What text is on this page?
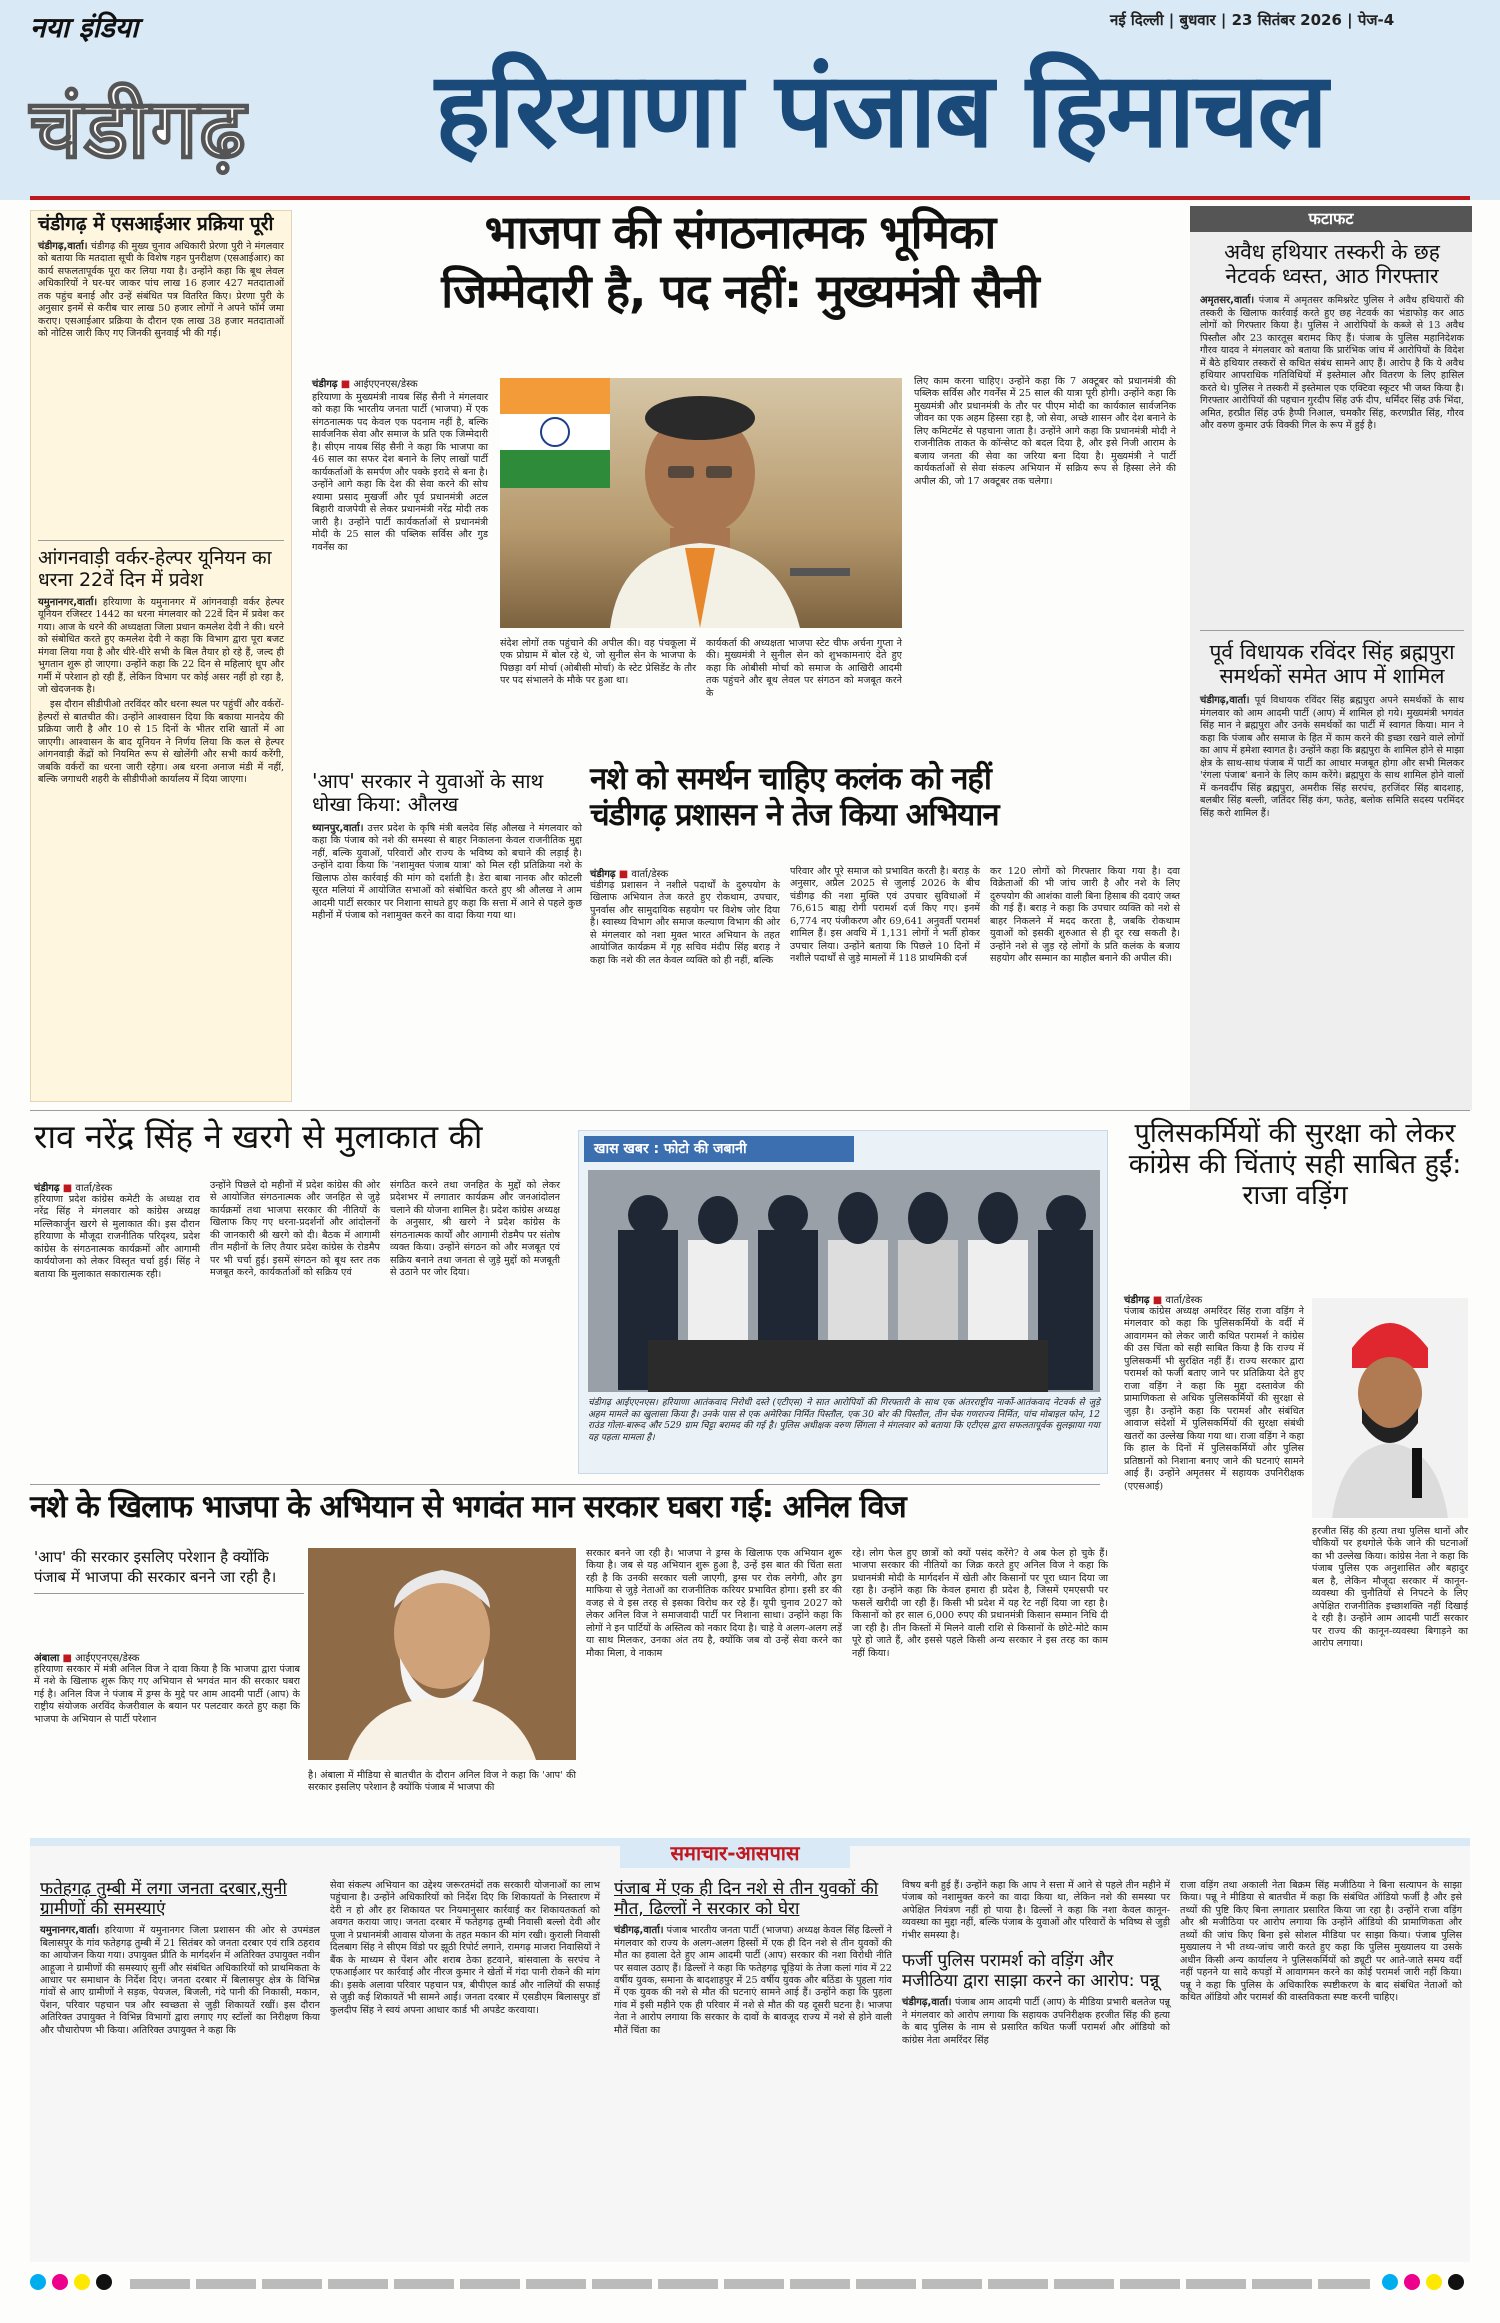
नया इंडिया
चंडीगढ़
नई दिल्ली | बुधवार | 23 सितंबर 2026 | पेज-4
हरियाणा पंजाब हिमाचल
चंडीगढ़ में एसआईआर प्रक्रिया पूरी

चंडीगढ़,वार्ता। चंडीगढ़ की मुख्य चुनाव अधिकारी प्रेरणा पुरी ने मंगलवार को बताया कि मतदाता सूची के विशेष गहन पुनरीक्षण (एसआईआर) का कार्य सफलतापूर्वक पूरा कर लिया गया है। उन्होंने कहा कि बूथ लेवल अधिकारियों ने घर-घर जाकर पांच लाख 16 हजार 427 मतदाताओं तक पहुंच बनाई और उन्हें संबंधित पत्र वितरित किए। प्रेरणा पुरी के अनुसार इनमें से करीब चार लाख 50 हजार लोगों ने अपने फॉर्म जमा कराए। एसआईआर प्रक्रिया के दौरान एक लाख 38 हजार मतदाताओं को नोटिस जारी किए गए जिनकी सुनवाई भी की गई।

आंगनवाड़ी वर्कर-हेल्पर यूनियन का धरना 22वें दिन में प्रवेश

यमुनानगर,वार्ता। हरियाणा के यमुनानगर में आंगनवाड़ी वर्कर हेल्पर यूनियन रजिस्टर 1442 का धरना मंगलवार को 22वें दिन में प्रवेश कर गया। आज के धरने की अध्यक्षता जिला प्रधान कमलेश देवी ने की। धरने को संबोधित करते हुए कमलेश देवी ने कहा कि विभाग द्वारा पूरा बजट मंगवा लिया गया है और धीरे-धीरे सभी के बिल तैयार हो रहे हैं, जल्द ही भुगतान शुरू हो जाएगा। उन्होंने कहा कि 22 दिन से महिलाएं धूप और गर्मी में परेशान हो रही हैं, लेकिन विभाग पर कोई असर नहीं हो रहा है, जो खेदजनक है।

इस दौरान सीडीपीओ तरविंदर कौर धरना स्थल पर पहुंचीं और वर्करों-हेल्परों से बातचीत की। उन्होंने आश्वासन दिया कि बकाया मानदेय की प्रक्रिया जारी है और 10 से 15 दिनों के भीतर राशि खातों में आ जाएगी। आश्वासन के बाद यूनियन ने निर्णय लिया कि कल से हेल्पर आंगनवाड़ी केंद्रों को नियमित रूप से खोलेंगी और सभी कार्य करेंगी, जबकि वर्करों का धरना जारी रहेगा। अब धरना अनाज मंडी में नहीं, बल्कि जगाधरी शहरी के सीडीपीओ कार्यालय में दिया जाएगा।

भाजपा की संगठनात्मक भूमिका
जिम्मेदारी है, पद नहीं: मुख्यमंत्री सैनी
चंडीगढ़ ■ आईएएनएस/डेस्क

हरियाणा के मुख्यमंत्री नायब सिंह सैनी ने मंगलवार को कहा कि भारतीय जनता पार्टी (भाजपा) में एक संगठनात्मक पद केवल एक पदनाम नहीं है, बल्कि सार्वजनिक सेवा और समाज के प्रति एक जिम्मेदारी है। सीएम नायब सिंह सैनी ने कहा कि भाजपा का 46 साल का सफर देश बनाने के लिए लाखों पार्टी कार्यकर्ताओं के समर्पण और पक्के इरादे से बना है। उन्होंने आगे कहा कि देश की सेवा करने की सोच श्यामा प्रसाद मुखर्जी और पूर्व प्रधानमंत्री अटल बिहारी वाजपेयी से लेकर प्रधानमंत्री नरेंद्र मोदी तक जारी है। उन्होंने पार्टी कार्यकर्ताओं से प्रधानमंत्री मोदी के 25 साल की पब्लिक सर्विस और गुड गवर्नेंस का

संदेश लोगों तक पहुंचाने की अपील की। वह पंचकूला में एक प्रोग्राम में बोल रहे थे, जो सुनील सेन के भाजपा के पिछड़ा वर्ग मोर्चा (ओबीसी मोर्चा) के स्टेट प्रेसिडेंट के तौर पर पद संभालने के मौके पर हुआ था।

कार्यकर्ता की अध्यक्षता भाजपा स्टेट चीफ अर्चना गुप्ता ने की। मुख्यमंत्री ने सुनील सेन को शुभकामनाएं देते हुए कहा कि ओबीसी मोर्चा को समाज के आखिरी आदमी तक पहुंचने और बूथ लेवल पर संगठन को मजबूत करने के

लिए काम करना चाहिए। उन्होंने कहा कि 7 अक्टूबर को प्रधानमंत्री की पब्लिक सर्विस और गवर्नेंस में 25 साल की यात्रा पूरी होगी। उन्होंने कहा कि मुख्यमंत्री और प्रधानमंत्री के तौर पर पीएम मोदी का कार्यकाल सार्वजनिक जीवन का एक अहम हिस्सा रहा है, जो सेवा, अच्छे शासन और देश बनाने के लिए कमिटमेंट से पहचाना जाता है। उन्होंने आगे कहा कि प्रधानमंत्री मोदी ने राजनीतिक ताकत के कॉन्सेप्ट को बदल दिया है, और इसे निजी आराम के बजाय जनता की सेवा का जरिया बना दिया है। मुख्यमंत्री ने पार्टी कार्यकर्ताओं से सेवा संकल्प अभियान में सक्रिय रूप से हिस्सा लेने की अपील की, जो 17 अक्टूबर तक चलेगा।

'आप' सरकार ने युवाओं के साथ धोखा किया: औलख

ध्यानपुर,वार्ता। उत्तर प्रदेश के कृषि मंत्री बलदेव सिंह औलख ने मंगलवार को कहा कि पंजाब को नशे की समस्या से बाहर निकालना केवल राजनीतिक मुद्दा नहीं, बल्कि युवाओं, परिवारों और राज्य के भविष्य को बचाने की लड़ाई है। उन्होंने दावा किया कि 'नशामुक्त पंजाब यात्रा' को मिल रही प्रतिक्रिया नशे के खिलाफ ठोस कार्रवाई की मांग को दर्शाती है। डेरा बाबा नानक और कोटली सूरत मलियां में आयोजित सभाओं को संबोधित करते हुए श्री औलख ने आम आदमी पार्टी सरकार पर निशाना साधते हुए कहा कि सत्ता में आने से पहले कुछ महीनों में पंजाब को नशामुक्त करने का वादा किया गया था।

नशे को समर्थन चाहिए कलंक को नहीं
चंडीगढ़ प्रशासन ने तेज किया अभियान
चंडीगढ़ ■ वार्ता/डेस्क

चंडीगढ़ प्रशासन ने नशीले पदार्थों के दुरुपयोग के खिलाफ अभियान तेज करते हुए रोकथाम, उपचार, पुनर्वास और सामुदायिक सहयोग पर विशेष जोर दिया है। स्वास्थ्य विभाग और समाज कल्याण विभाग की ओर से मंगलवार को नशा मुक्त भारत अभियान के तहत आयोजित कार्यक्रम में गृह सचिव मंदीप सिंह बराड़ ने कहा कि नशे की लत केवल व्यक्ति को ही नहीं, बल्कि

परिवार और पूरे समाज को प्रभावित करती है। बराड़ के अनुसार, अप्रैल 2025 से जुलाई 2026 के बीच चंडीगढ़ की नशा मुक्ति एवं उपचार सुविधाओं में 76,615 बाह्य रोगी परामर्श दर्ज किए गए। इनमें 6,774 नए पंजीकरण और 69,641 अनुवर्ती परामर्श शामिल हैं। इस अवधि में 1,131 लोगों ने भर्ती होकर उपचार लिया। उन्होंने बताया कि पिछले 10 दिनों में नशीले पदार्थों से जुड़े मामलों में 118 प्राथमिकी दर्ज

कर 120 लोगों को गिरफ्तार किया गया है। दवा विक्रेताओं की भी जांच जारी है और नशे के लिए दुरुपयोग की आशंका वाली बिना हिसाब की दवाएं जब्त की गई हैं। बराड़ ने कहा कि उपचार व्यक्ति को नशे से बाहर निकलने में मदद करता है, जबकि रोकथाम युवाओं को इसकी शुरुआत से ही दूर रख सकती है। उन्होंने नशे से जुड़ रहे लोगों के प्रति कलंक के बजाय सहयोग और सम्मान का माहौल बनाने की अपील की।

फटाफट
अवैध हथियार तस्करी के छह नेटवर्क ध्वस्त, आठ गिरफ्तार

अमृतसर,वार्ता। पंजाब में अमृतसर कमिश्नरेट पुलिस ने अवैध हथियारों की तस्करी के खिलाफ कार्रवाई करते हुए छह नेटवर्क का भंडाफोड़ कर आठ लोगों को गिरफ्तार किया है। पुलिस ने आरोपियों के कब्जे से 13 अवैध पिस्तौल और 23 कारतूस बरामद किए हैं। पंजाब के पुलिस महानिदेशक गौरव यादव ने मंगलवार को बताया कि प्रारंभिक जांच में आरोपियों के विदेश में बैठे हथियार तस्करों से कथित संबंध सामने आए हैं। आरोप है कि ये अवैध हथियार आपराधिक गतिविधियों में इस्तेमाल और वितरण के लिए हासिल करते थे। पुलिस ने तस्करी में इस्तेमाल एक एक्टिवा स्कूटर भी जब्त किया है। गिरफ्तार आरोपियों की पहचान गुरदीप सिंह उर्फ दीप, धर्मिंदर सिंह उर्फ भिंदा, अमित, हरप्रीत सिंह उर्फ हैप्पी निआल, चमकौर सिंह, करणप्रीत सिंह, गौरव और वरुण कुमार उर्फ विक्की गिल के रूप में हुई है।

पूर्व विधायक रविंदर सिंह ब्रह्मपुरा समर्थकों समेत आप में शामिल

चंडीगढ़,वार्ता। पूर्व विधायक रविंदर सिंह ब्रह्मपुरा अपने समर्थकों के साथ मंगलवार को आम आदमी पार्टी (आप) में शामिल हो गये। मुख्यमंत्री भगवंत सिंह मान ने ब्रह्मपुरा और उनके समर्थकों का पार्टी में स्वागत किया। मान ने कहा कि पंजाब और समाज के हित में काम करने की इच्छा रखने वाले लोगों का आप में हमेशा स्वागत है। उन्होंने कहा कि ब्रह्मपुरा के शामिल होने से माझा क्षेत्र के साथ-साथ पंजाब में पार्टी का आधार मजबूत होगा और सभी मिलकर 'रंगला पंजाब' बनाने के लिए काम करेंगे। ब्रह्मपुरा के साथ शामिल होने वालों में कनवर्दीप सिंह ब्रह्मपुरा, अमरीक सिंह सरपंच, हरजिंदर सिंह बादशाह, बलबीर सिंह बल्ली, जतिंदर सिंह कंग, फतेह, बलोक समिति सदस्य परमिंदर सिंह करो शामिल हैं।

राव नरेंद्र सिंह ने खरगे से मुलाकात की
चंडीगढ़ ■ वार्ता/डेस्क

हरियाणा प्रदेश कांग्रेस कमेटी के अध्यक्ष राव नरेंद्र सिंह ने मंगलवार को कांग्रेस अध्यक्ष मल्लिकार्जुन खरगे से मुलाकात की। इस दौरान हरियाणा के मौजूदा राजनीतिक परिदृश्य, प्रदेश कांग्रेस के संगठनात्मक कार्यक्रमों और आगामी कार्ययोजना को लेकर विस्तृत चर्चा हुई। सिंह ने बताया कि मुलाकात सकारात्मक रही।

उन्होंने पिछले दो महीनों में प्रदेश कांग्रेस की ओर से आयोजित संगठनात्मक और जनहित से जुड़े कार्यक्रमों तथा भाजपा सरकार की नीतियों के खिलाफ किए गए धरना-प्रदर्शनों और आंदोलनों की जानकारी श्री खरगे को दी। बैठक में आगामी तीन महीनों के लिए तैयार प्रदेश कांग्रेस के रोडमैप पर भी चर्चा हुई। इसमें संगठन को बूथ स्तर तक मजबूत करने, कार्यकर्ताओं को सक्रिय एवं

संगठित करने तथा जनहित के मुद्दों को लेकर प्रदेशभर में लगातार कार्यक्रम और जनआंदोलन चलाने की योजना शामिल है। प्रदेश कांग्रेस अध्यक्ष के अनुसार, श्री खरगे ने प्रदेश कांग्रेस के संगठनात्मक कार्यों और आगामी रोडमैप पर संतोष व्यक्त किया। उन्होंने संगठन को और मजबूत एवं सक्रिय बनाने तथा जनता से जुड़े मुद्दों को मजबूती से उठाने पर जोर दिया।

खास खबर : फोटो की जबानी

चंडीगढ़ आईएएनएस। हरियाणा आतंकवाद निरोधी दस्ते (एटीएस) ने सात आरोपियों की गिरफ्तारी के साथ एक अंतरराष्ट्रीय नार्को-आतंकवाद नेटवर्क से जुड़े अहम मामले का खुलासा किया है। उनके पास से एक अमेरिका निर्मित पिस्तौल, एक 30 बोर की पिस्तौल, तीन चेक गणराज्य निर्मित, पांच मोबाइल फोन, 12 राउंड गोला-बारूद और 529 ग्राम चिट्टा बरामद की गई है। पुलिस अधीक्षक वरुण सिंगला ने मंगलवार को बताया कि एटीएस द्वारा सफलतापूर्वक सुलझाया गया यह पहला मामला है।

पुलिसकर्मियों की सुरक्षा को लेकर कांग्रेस की चिंताएं सही साबित हुईं: राजा वड़िंग
चंडीगढ़ ■ वार्ता/डेस्क

पंजाब कांग्रेस अध्यक्ष अमरिंदर सिंह राजा वड़िंग ने मंगलवार को कहा कि पुलिसकर्मियों के वर्दी में आवागमन को लेकर जारी कथित परामर्श ने कांग्रेस की उस चिंता को सही साबित किया है कि राज्य में पुलिसकर्मी भी सुरक्षित नहीं हैं। राज्य सरकार द्वारा परामर्श को फर्जी बताए जाने पर प्रतिक्रिया देते हुए राजा वड़िंग ने कहा कि मुद्दा दस्तावेज की प्रामाणिकता से अधिक पुलिसकर्मियों की सुरक्षा से जुड़ा है। उन्होंने कहा कि परामर्श और संबंधित आवाज संदेशों में पुलिसकर्मियों की सुरक्षा संबंधी खतरों का उल्लेख किया गया था। राजा वड़िंग ने कहा कि हाल के दिनों में पुलिसकर्मियों और पुलिस प्रतिष्ठानों को निशाना बनाए जाने की घटनाएं सामने आई हैं। उन्होंने अमृतसर में सहायक उपनिरीक्षक (एएसआई)

हरजीत सिंह की हत्या तथा पुलिस थानों और चौकियों पर हथगोले फेंके जाने की घटनाओं का भी उल्लेख किया। कांग्रेस नेता ने कहा कि पंजाब पुलिस एक अनुशासित और बहादुर बल है, लेकिन मौजूदा सरकार में कानून-व्यवस्था की चुनौतियों से निपटने के लिए अपेक्षित राजनीतिक इच्छाशक्ति नहीं दिखाई दे रही है। उन्होंने आम आदमी पार्टी सरकार पर राज्य की कानून-व्यवस्था बिगाड़ने का आरोप लगाया।

नशे के खिलाफ भाजपा के अभियान से भगवंत मान सरकार घबरा गई: अनिल विज
'आप' की सरकार इसलिए परेशान है क्योंकि पंजाब में भाजपा की सरकार बनने जा रही है।
अंबाला ■ आईएएनएस/डेस्क

हरियाणा सरकार में मंत्री अनिल विज ने दावा किया है कि भाजपा द्वारा पंजाब में नशे के खिलाफ शुरू किए गए अभियान से भगवंत मान की सरकार घबरा गई है। अनिल विज ने पंजाब में ड्रग्स के मुद्दे पर आम आदमी पार्टी (आप) के राष्ट्रीय संयोजक अरविंद केजरीवाल के बयान पर पलटवार करते हुए कहा कि भाजपा के अभियान से पार्टी परेशान

है। अंबाला में मीडिया से बातचीत के दौरान अनिल विज ने कहा कि 'आप' की सरकार इसलिए परेशान है क्योंकि पंजाब में भाजपा की

सरकार बनने जा रही है। भाजपा ने ड्रग्स के खिलाफ एक अभियान शुरू किया है। जब से यह अभियान शुरू हुआ है, उन्हें इस बात की चिंता सता रही है कि उनकी सरकार चली जाएगी, ड्रग्स पर रोक लगेगी, और ड्रग माफिया से जुड़े नेताओं का राजनीतिक करियर प्रभावित होगा। इसी डर की वजह से वे इस तरह से इसका विरोध कर रहे हैं। यूपी चुनाव 2027 को लेकर अनिल विज ने समाजवादी पार्टी पर निशाना साधा। उन्होंने कहा कि लोगों ने इन पार्टियों के अस्तित्व को नकार दिया है। चाहे वे अलग-अलग लड़ें या साथ मिलकर, उनका अंत तय है, क्योंकि जब वो उन्हें सेवा करने का मौका मिला, वे नाकाम

रहे। लोग फेल हुए छात्रों को क्यों पसंद करेंगे? वे अब फेल हो चुके हैं। भाजपा सरकार की नीतियों का जिक्र करते हुए अनिल विज ने कहा कि प्रधानमंत्री मोदी के मार्गदर्शन में खेती और किसानों पर पूरा ध्यान दिया जा रहा है। उन्होंने कहा कि केवल हमारा ही प्रदेश है, जिसमें एमएसपी पर फसलें खरीदी जा रही हैं। किसी भी प्रदेश में यह रेट नहीं दिया जा रहा है। किसानों को हर साल 6,000 रुपए की प्रधानमंत्री किसान सम्मान निधि दी जा रही है। तीन किस्तों में मिलने वाली राशि से किसानों के छोटे-मोटे काम पूरे हो जाते हैं, और इससे पहले किसी अन्य सरकार ने इस तरह का काम नहीं किया।

समाचार-आसपास
फतेहगढ़ तुम्बी में लगा जनता दरबार,सुनी ग्रामीणों की समस्याएं

यमुनानगर,वार्ता। हरियाणा में यमुनानगर जिला प्रशासन की ओर से उपमंडल बिलासपुर के गांव फतेहगढ़ तुम्बी में 21 सितंबर को जनता दरबार एवं रात्रि ठहराव का आयोजन किया गया। उपायुक्त प्रीति के मार्गदर्शन में अतिरिक्त उपायुक्त नवीन आहूजा ने ग्रामीणों की समस्याएं सुनीं और संबंधित अधिकारियों को प्राथमिकता के आधार पर समाधान के निर्देश दिए। जनता दरबार में बिलासपुर क्षेत्र के विभिन्न गांवों से आए ग्रामीणों ने सड़क, पेयजल, बिजली, गंदे पानी की निकासी, मकान, पेंशन, परिवार पहचान पत्र और स्वच्छता से जुड़ी शिकायतें रखीं। इस दौरान अतिरिक्त उपायुक्त ने विभिन्न विभागों द्वारा लगाए गए स्टॉलों का निरीक्षण किया और पौधारोपण भी किया। अतिरिक्त उपायुक्त ने कहा कि

सेवा संकल्प अभियान का उद्देश्य जरूरतमंदों तक सरकारी योजनाओं का लाभ पहुंचाना है। उन्होंने अधिकारियों को निर्देश दिए कि शिकायतों के निस्तारण में देरी न हो और हर शिकायत पर नियमानुसार कार्रवाई कर शिकायतकर्ता को अवगत कराया जाए। जनता दरबार में फतेहगढ़ तुम्बी निवासी बल्लो देवी और पूजा ने प्रधानमंत्री आवास योजना के तहत मकान की मांग रखी। कुराली निवासी दिलबाग सिंह ने सीएम विंडो पर झूठी रिपोर्ट लगाने, रामगढ़ माजरा निवासियों ने बैंक के माध्यम से पेंशन और शराब ठेका हटवाने, बांसवाला के सरपंच ने एफआईआर पर कार्रवाई और नीरज कुमार ने खेतों में गंदा पानी रोकने की मांग की। इसके अलावा परिवार पहचान पत्र, बीपीएल कार्ड और नालियों की सफाई से जुड़ी कई शिकायतें भी सामने आईं। जनता दरबार में एसडीएम बिलासपुर डॉ कुलदीप सिंह ने स्वयं अपना आधार कार्ड भी अपडेट करवाया।

पंजाब में एक ही दिन नशे से तीन युवकों की मौत, ढिल्लों ने सरकार को घेरा

चंडीगढ़,वार्ता। पंजाब भारतीय जनता पार्टी (भाजपा) अध्यक्ष केवल सिंह ढिल्लों ने मंगलवार को राज्य के अलग-अलग हिस्सों में एक ही दिन नशे से तीन युवकों की मौत का हवाला देते हुए आम आदमी पार्टी (आप) सरकार की नशा विरोधी नीति पर सवाल उठाए हैं। ढिल्लों ने कहा कि फतेहगढ़ चूड़ियां के तेजा कलां गांव में 22 वर्षीय युवक, समाना के बादशाहपुर में 25 वर्षीय युवक और बठिंडा के पुहला गांव में एक युवक की नशे से मौत की घटनाएं सामने आई हैं। उन्होंने कहा कि पुहला गांव में इसी महीने एक ही परिवार में नशे से मौत की यह दूसरी घटना है। भाजपा नेता ने आरोप लगाया कि सरकार के दावों के बावजूद राज्य में नशे से होने वाली मौतें चिंता का

विषय बनी हुई हैं। उन्होंने कहा कि आप ने सत्ता में आने से पहले तीन महीने में पंजाब को नशामुक्त करने का वादा किया था, लेकिन नशे की समस्या पर अपेक्षित नियंत्रण नहीं हो पाया है। ढिल्लों ने कहा कि नशा केवल कानून-व्यवस्था का मुद्दा नहीं, बल्कि पंजाब के युवाओं और परिवारों के भविष्य से जुड़ी गंभीर समस्या है।

फर्जी पुलिस परामर्श को वड़िंग और मजीठिया द्वारा साझा करने का आरोप: पन्नू

चंडीगढ़,वार्ता। पंजाब आम आदमी पार्टी (आप) के मीडिया प्रभारी बलतेज पन्नू ने मंगलवार को आरोप लगाया कि सहायक उपनिरीक्षक हरजीत सिंह की हत्या के बाद पुलिस के नाम से प्रसारित कथित फर्जी परामर्श और ऑडियो को कांग्रेस नेता अमरिंदर सिंह

राजा वड़िंग तथा अकाली नेता बिक्रम सिंह मजीठिया ने बिना सत्यापन के साझा किया। पन्नू ने मीडिया से बातचीत में कहा कि संबंधित ऑडियो फर्जी है और इसे तथ्यों की पुष्टि किए बिना लगातार प्रसारित किया जा रहा है। उन्होंने राजा वड़िंग और श्री मजीठिया पर आरोप लगाया कि उन्होंने ऑडियो की प्रामाणिकता और तथ्यों की जांच किए बिना इसे सोशल मीडिया पर साझा किया। पंजाब पुलिस मुख्यालय ने भी तथ्य-जांच जारी करते हुए कहा कि पुलिस मुख्यालय या उसके अधीन किसी अन्य कार्यालय ने पुलिसकर्मियों को ड्यूटी पर आते-जाते समय वर्दी नहीं पहनने या सादे कपड़ों में आवागमन करने का कोई परामर्श जारी नहीं किया। पन्नू ने कहा कि पुलिस के अधिकारिक स्पष्टीकरण के बाद संबंधित नेताओं को कथित ऑडियो और परामर्श की वास्तविकता स्पष्ट करनी चाहिए।
